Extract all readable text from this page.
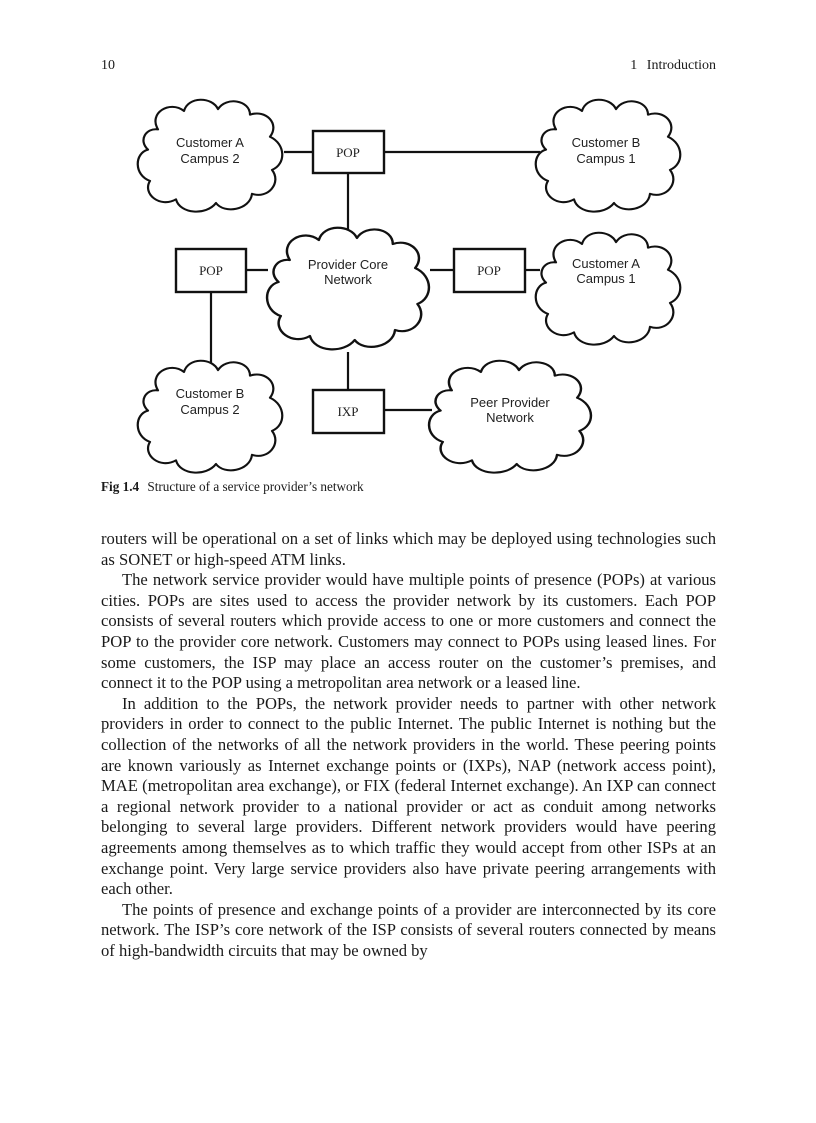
10	1 Introduction
Customer A
Campus 2
Customer B
Campus 1
Provider Core
Network
Customer A
Campus 1
Customer B
Campus 2	Peer Provider
Network
POP
POP	POP
IXP
Fig 1.4 Structure of a service provider’s network

routers will be operational on a set of links which may be deployed using technologies such as SONET or high-speed ATM links.

The network service provider would have multiple points of presence (POPs) at various cities. POPs are sites used to access the provider network by its customers. Each POP consists of several routers which provide access to one or more customers and connect the POP to the provider core network. Customers may connect to POPs using leased lines. For some customers, the ISP may place an access router on the customer’s premises, and connect it to the POP using a metropolitan area network or a leased line.

In addition to the POPs, the network provider needs to partner with other network providers in order to connect to the public Internet. The public Internet is nothing but the collection of the networks of all the network providers in the world. These peering points are known variously as Internet exchange points or (IXPs), NAP (network access point), MAE (metropolitan area exchange), or FIX (federal Internet exchange). An IXP can connect a regional network provider to a national provider or act as conduit among networks belonging to several large providers. Different network providers would have peering agreements among themselves as to which traffic they would accept from other ISPs at an exchange point. Very large service providers also have private peering arrangements with each other.

The points of presence and exchange points of a provider are interconnected by its core network. The ISP’s core network of the ISP consists of several routers connected by means of high-bandwidth circuits that may be owned by
